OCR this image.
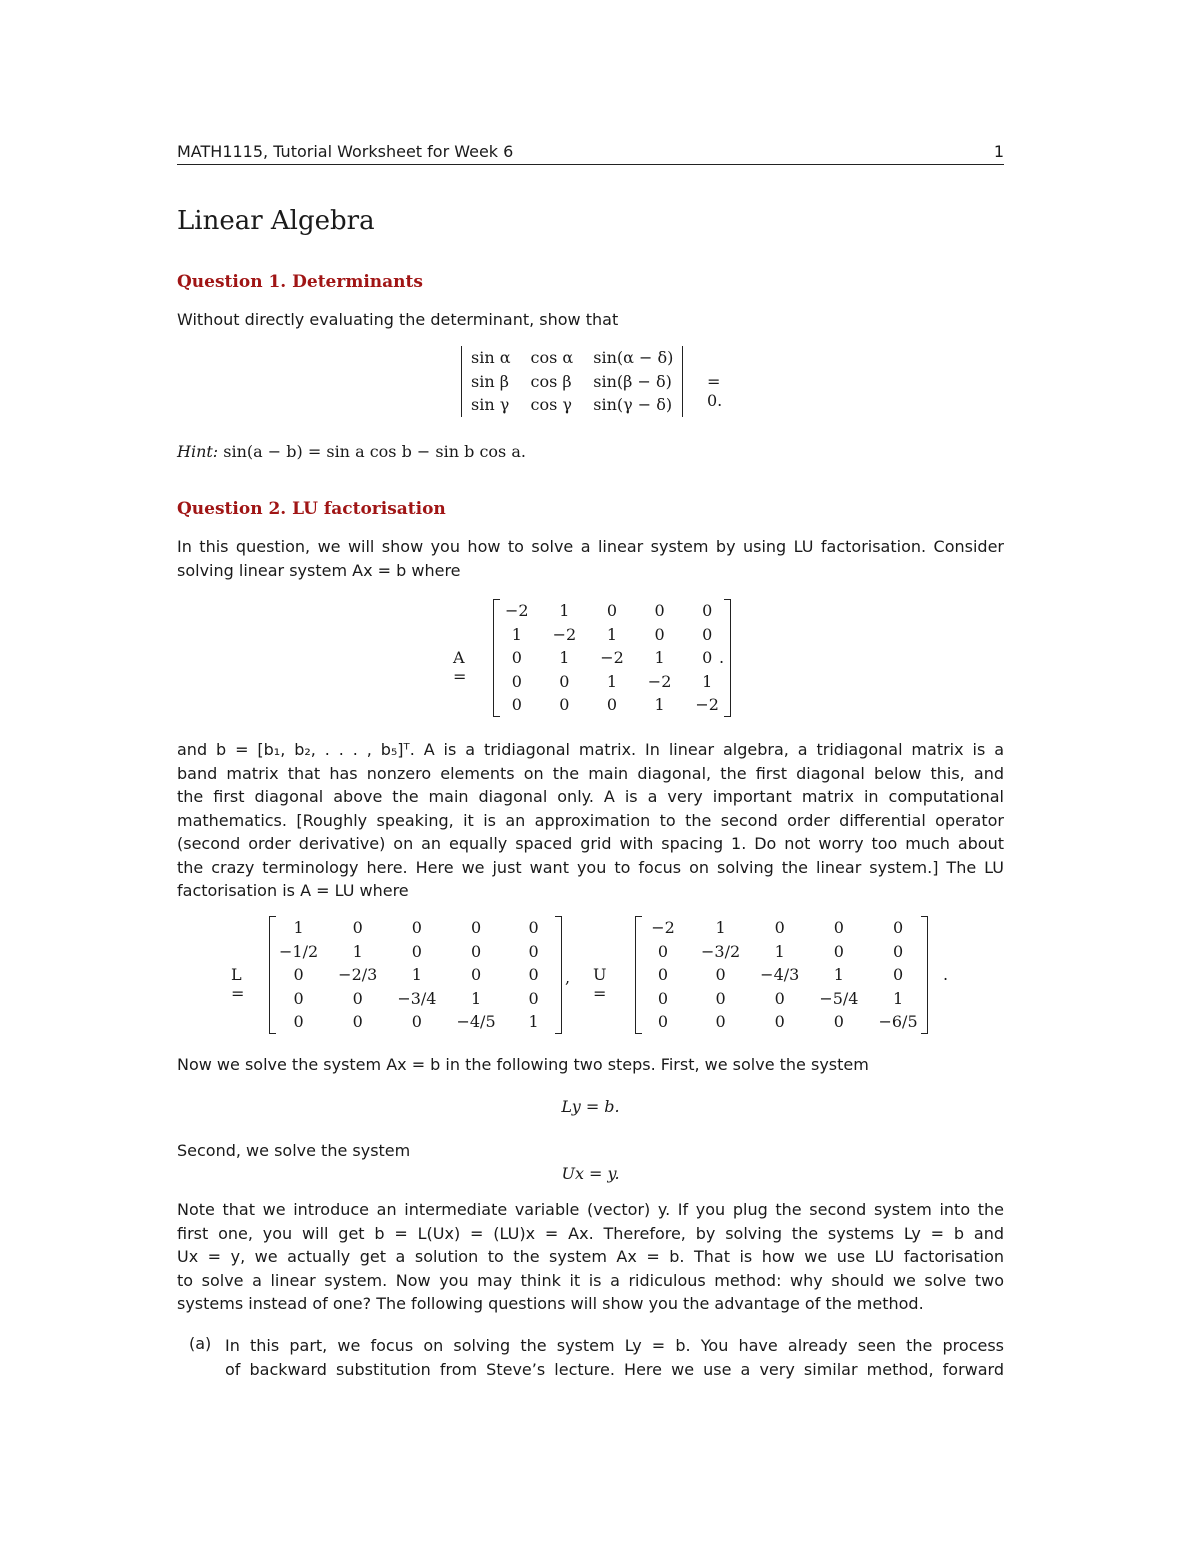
MATH1115, Tutorial Worksheet for Week 6	1
Linear Algebra
Question 1. Determinants
Without directly evaluating the determinant, show that
sin α	cos α	sin(α − δ)
sin β	cos β	sin(β − δ)
sin γ	cos γ	sin(γ − δ)
= 0.
Hint: sin(a − b) = sin a cos b − sin b cos a.
Question 2. LU factorisation
In this question, we will show you how to solve a linear system by using LU factorisation. Consider
solving linear system Ax = b where
A =
−2	1	0	0	0
1	−2	1	0	0
0	1	−2	1	0
0	0	1	−2	1
0	0	0	1	−2
.
and b = [b₁, b₂, . . . , b₅]ᵀ. A is a tridiagonal matrix. In linear algebra, a tridiagonal matrix is a
band matrix that has nonzero elements on the main diagonal, the first diagonal below this, and
the first diagonal above the main diagonal only. A is a very important matrix in computational
mathematics. [Roughly speaking, it is an approximation to the second order differential operator
(second order derivative) on an equally spaced grid with spacing 1. Do not worry too much about
the crazy terminology here. Here we just want you to focus on solving the linear system.] The LU
factorisation is A = LU where
L =
1	0	0	0	0
−1/2	1	0	0	0
0	−2/3	1	0	0
0	0	−3/4	1	0
0	0	0	−4/5	1
, U =
−2	1	0	0	0
0	−3/2	1	0	0
0	0	−4/3	1	0
0	0	0	−5/4	1
0	0	0	0	−6/5
.
Now we solve the system Ax = b in the following two steps. First, we solve the system
Ly = b.
Second, we solve the system
Ux = y.
Note that we introduce an intermediate variable (vector) y. If you plug the second system into the
first one, you will get b = L(Ux) = (LU)x = Ax. Therefore, by solving the systems Ly = b and
Ux = y, we actually get a solution to the system Ax = b. That is how we use LU factorisation
to solve a linear system. Now you may think it is a ridiculous method: why should we solve two
systems instead of one? The following questions will show you the advantage of the method.
(a) In this part, we focus on solving the system Ly = b. You have already seen the process
of backward substitution from Steve’s lecture. Here we use a very similar method, forward
